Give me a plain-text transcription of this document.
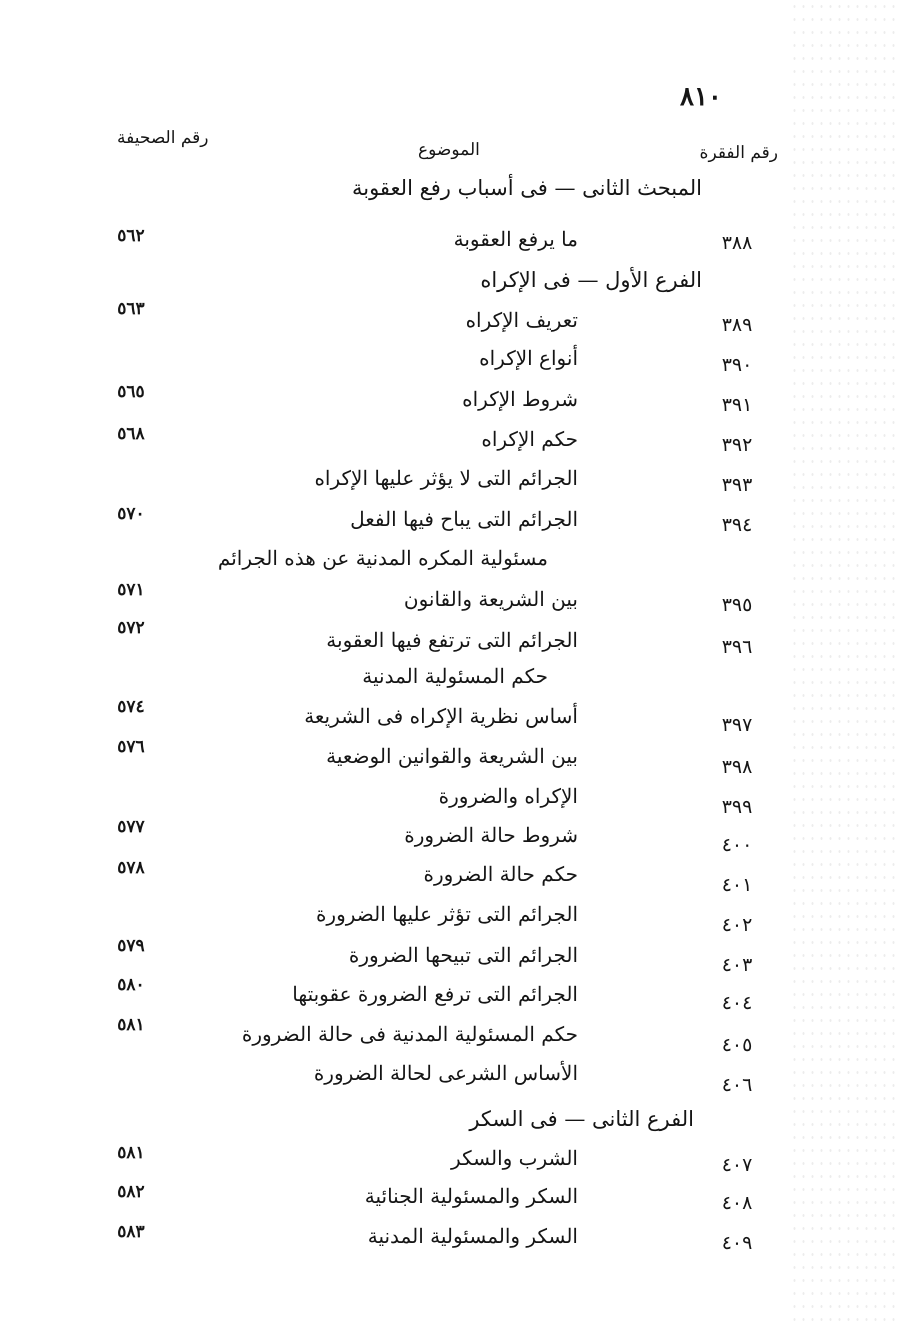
٨١٠
رقم الفقرة
الموضوع
رقم الصحيفة
المبحث الثانى — فى أسباب رفع العقوبة
الفرع الأول — فى الإكراه
الفرع الثانى — فى السكر
٣٨٨
ما يرفع العقوبة
٥٦٢
٣٨٩
تعريف الإكراه
٥٦٣
٣٩٠
أنواع الإكراه
٣٩١
شروط الإكراه
٥٦٥
٣٩٢
حكم الإكراه
٥٦٨
٣٩٣
الجرائم التى لا يؤثر عليها الإكراه
٣٩٤
الجرائم التى يباح فيها الفعل
٥٧٠
مسئولية المكره المدنية عن هذه الجرائم
٣٩٥
بين الشريعة والقانون
٥٧١
٣٩٦
الجرائم التى ترتفع فيها العقوبة
٥٧٢
حكم المسئولية المدنية
٣٩٧
أساس نظرية الإكراه فى الشريعة
٥٧٤
٣٩٨
بين الشريعة والقوانين الوضعية
٥٧٦
٣٩٩
الإكراه والضرورة
٤٠٠
شروط حالة الضرورة
٥٧٧
٤٠١
حكم حالة الضرورة
٥٧٨
٤٠٢
الجرائم التى تؤثر عليها الضرورة
٤٠٣
الجرائم التى تبيحها الضرورة
٥٧٩
٤٠٤
الجرائم التى ترفع الضرورة عقوبتها
٥٨٠
٤٠٥
حكم المسئولية المدنية فى حالة الضرورة
٥٨١
٤٠٦
الأساس الشرعى لحالة الضرورة
٤٠٧
الشرب والسكر
٥٨١
٤٠٨
السكر والمسئولية الجنائية
٥٨٢
٤٠٩
السكر والمسئولية المدنية
٥٨٣
